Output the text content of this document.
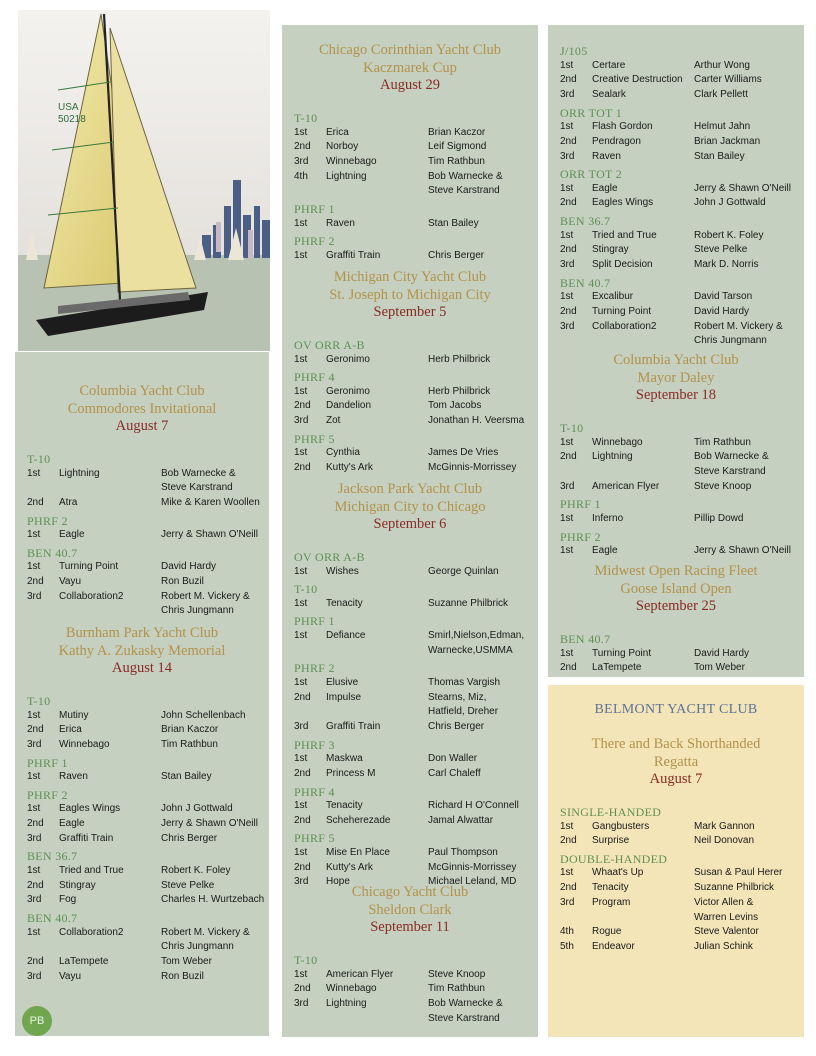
USA
50218
Columbia Yacht Club
Commodores Invitational
August 7
T-10
1st	Lightning	Bob Warnecke &
Steve Karstrand
2nd	Atra	Mike & Karen Woollen
PHRF 2
1st	Eagle	Jerry & Shawn O'Neill
BEN 40.7
1st	Turning Point	David Hardy
2nd	Vayu	Ron Buzil
3rd	Collaboration2	Robert M. Vickery &
Chris Jungmann
Burnham Park Yacht Club
Kathy A. Zukasky Memorial
August 14
T-10
1st	Mutiny	John Schellenbach
2nd	Erica	Brian Kaczor
3rd	Winnebago	Tim Rathbun
PHRF 1
1st	Raven	Stan Bailey
PHRF 2
1st	Eagles Wings	John J Gottwald
2nd	Eagle	Jerry & Shawn O'Neill
3rd	Graffiti Train	Chris Berger
BEN 36.7
1st	Tried and True	Robert K. Foley
2nd	Stingray	Steve Pelke
3rd	Fog	Charles H. Wurtzebach
BEN 40.7
1st	Collaboration2	Robert M. Vickery &
Chris Jungmann
2nd	LaTempete	Tom Weber
3rd	Vayu	Ron Buzil
Chicago Corinthian Yacht Club
Kaczmarek Cup
August 29
T-10
1st	Erica	Brian Kaczor
2nd	Norboy	Leif Sigmond
3rd	Winnebago	Tim Rathbun
4th	Lightning	Bob Warnecke &
Steve Karstrand
PHRF 1
1st	Raven	Stan Bailey
PHRF 2
1st	Graffiti Train	Chris Berger
Michigan City Yacht Club
St. Joseph to Michigan City
September 5
OV ORR A-B
1st	Geronimo	Herb Philbrick
PHRF 4
1st	Geronimo	Herb Philbrick
2nd	Dandelion	Tom Jacobs
3rd	Zot	Jonathan H. Veersma
PHRF 5
1st	Cynthia	James De Vries
2nd	Kutty's Ark	McGinnis-Morrissey
Jackson Park Yacht Club
Michigan City to Chicago
September 6
OV ORR A-B
1st	Wishes	George Quinlan
T-10
1st	Tenacity	Suzanne Philbrick
PHRF 1
1st	Defiance	Smirl,Nielson,Edman,
Warnecke,USMMA
PHRF 2
1st	Elusive	Thomas Vargish
2nd	Impulse	Stearns, Miz,
Hatfield, Dreher
3rd	Graffiti Train	Chris Berger
PHRF 3
1st	Maskwa	Don Waller
2nd	Princess M	Carl Chaleff
PHRF 4
1st	Tenacity	Richard H O'Connell
2nd	Scheherezade	Jamal Alwattar
PHRF 5
1st	Mise En Place	Paul Thompson
2nd	Kutty's Ark	McGinnis-Morrissey
3rd	Hope	Michael Leland, MD
Chicago Yacht Club
Sheldon Clark
September 11
T-10
1st	American Flyer	Steve Knoop
2nd	Winnebago	Tim Rathbun
3rd	Lightning	Bob Warnecke &
Steve Karstrand
J/105
1st	Certare	Arthur Wong
2nd	Creative Destruction	Carter Williams
3rd	Sealark	Clark Pellett
ORR TOT 1
1st	Flash Gordon	Helmut Jahn
2nd	Pendragon	Brian Jackman
3rd	Raven	Stan Bailey
ORR TOT 2
1st	Eagle	Jerry & Shawn O'Neill
2nd	Eagles Wings	John J Gottwald
BEN 36.7
1st	Tried and True	Robert K. Foley
2nd	Stingray	Steve Pelke
3rd	Split Decision	Mark D. Norris
BEN 40.7
1st	Excalibur	David Tarson
2nd	Turning Point	David Hardy
3rd	Collaboration2	Robert M. Vickery &
Chris Jungmann
Columbia Yacht Club
Mayor Daley
September 18
T-10
1st	Winnebago	Tim Rathbun
2nd	Lightning	Bob Warnecke &
Steve Karstrand
3rd	American Flyer	Steve Knoop
PHRF 1
1st	Inferno	Pillip Dowd
PHRF 2
1st	Eagle	Jerry & Shawn O'Neill
Midwest Open Racing Fleet
Goose Island Open
September 25
BEN 40.7
1st	Turning Point	David Hardy
2nd	LaTempete	Tom Weber
BELMONT YACHT CLUB
There and Back Shorthanded
Regatta
August 7
SINGLE-HANDED
1st	Gangbusters	Mark Gannon
2nd	Surprise	Neil Donovan
DOUBLE-HANDED
1st	Whaat's Up	Susan & Paul Herer
2nd	Tenacity	Suzanne Philbrick
3rd	Program	Victor Allen &
Warren Levins
4th	Rogue	Steve Valentor
5th	Endeavor	Julian Schink
PB
